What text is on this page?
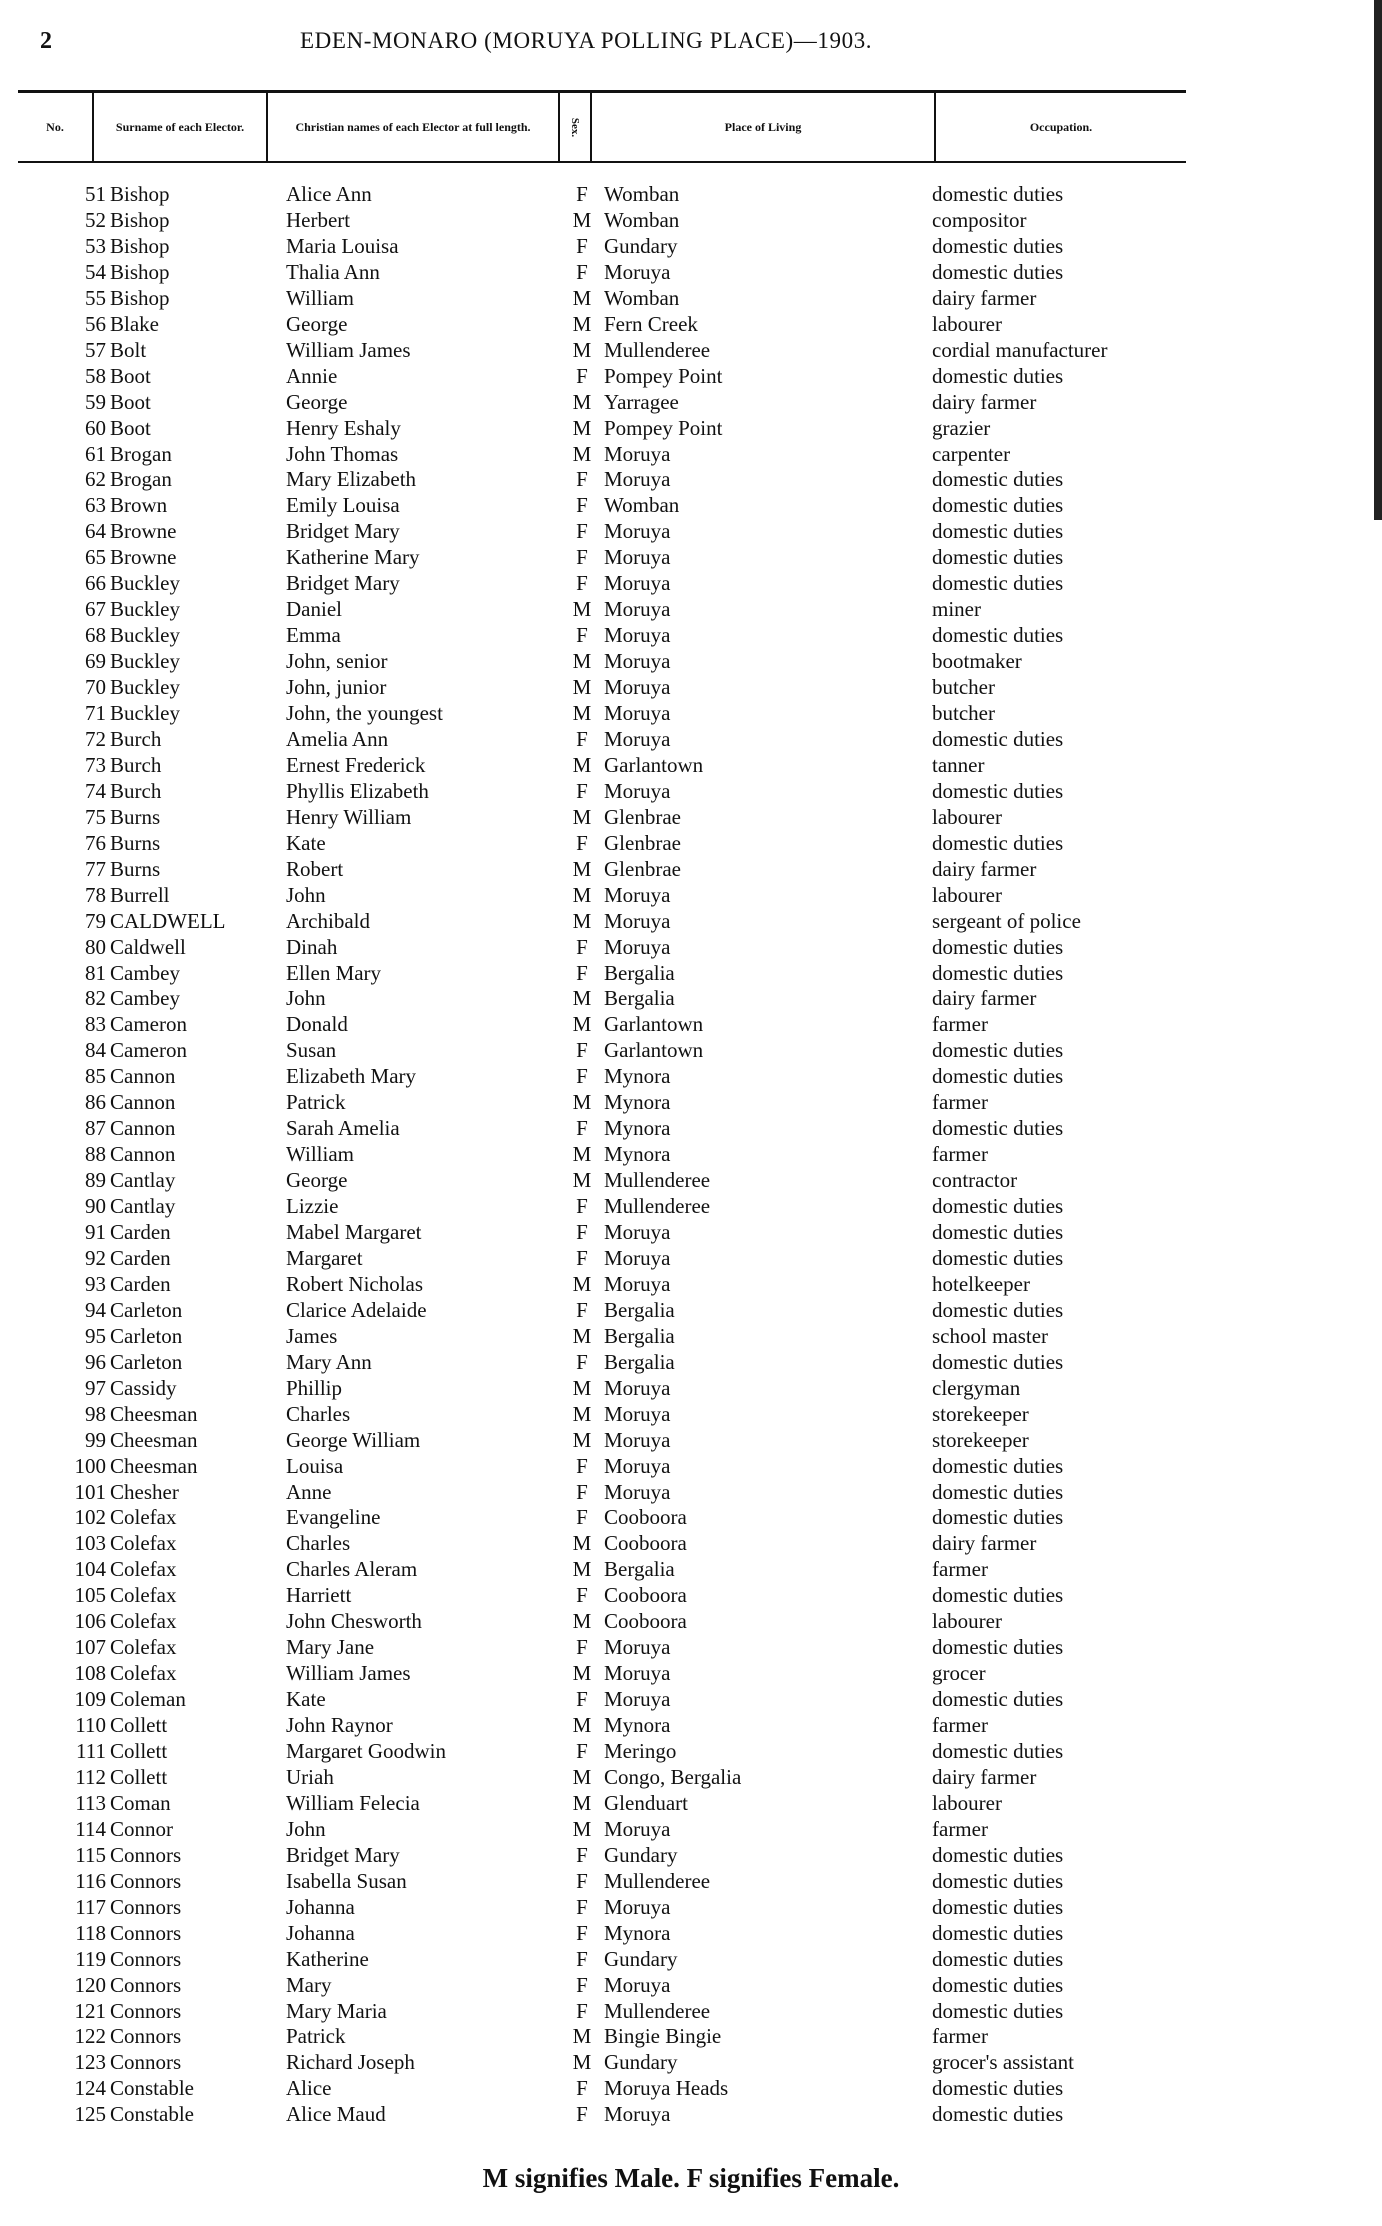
2	EDEN-MONARO (MORUYA POLLING PLACE)—1903.
No.	Surname of each Elector.	Christian names of each Elector at full length.	Sex.	Place of Living	Occupation.
51 Bishop	Alice Ann	F Womban	domestic duties
52 Bishop	Herbert	M Womban	compositor
53 Bishop	Maria Louisa	F Gundary	domestic duties
54 Bishop	Thalia Ann	F Moruya	domestic duties
55 Bishop	William	M Womban	dairy farmer
56 Blake	George	M Fern Creek	labourer
57 Bolt	William James	M Mullenderee	cordial manufacturer
58 Boot	Annie	F Pompey Point	domestic duties
59 Boot	George	M Yarragee	dairy farmer
60 Boot	Henry Eshaly	M Pompey Point	grazier
61 Brogan	John Thomas	M Moruya	carpenter
62 Brogan	Mary Elizabeth	F Moruya	domestic duties
63 Brown	Emily Louisa	F Womban	domestic duties
64 Browne	Bridget Mary	F Moruya	domestic duties
65 Browne	Katherine Mary	F Moruya	domestic duties
66 Buckley	Bridget Mary	F Moruya	domestic duties
67 Buckley	Daniel	M Moruya	miner
68 Buckley	Emma	F Moruya	domestic duties
69 Buckley	John, senior	M Moruya	bootmaker
70 Buckley	John, junior	M Moruya	butcher
71 Buckley	John, the youngest	M Moruya	butcher
72 Burch	Amelia Ann	F Moruya	domestic duties
73 Burch	Ernest Frederick	M Garlantown	tanner
74 Burch	Phyllis Elizabeth	F Moruya	domestic duties
75 Burns	Henry William	M Glenbrae	labourer
76 Burns	Kate	F Glenbrae	domestic duties
77 Burns	Robert	M Glenbrae	dairy farmer
78 Burrell	John	M Moruya	labourer
79 CALDWELL	Archibald	M Moruya	sergeant of police
80 Caldwell	Dinah	F Moruya	domestic duties
81 Cambey	Ellen Mary	F Bergalia	domestic duties
82 Cambey	John	M Bergalia	dairy farmer
83 Cameron	Donald	M Garlantown	farmer
84 Cameron	Susan	F Garlantown	domestic duties
85 Cannon	Elizabeth Mary	F Mynora	domestic duties
86 Cannon	Patrick	M Mynora	farmer
87 Cannon	Sarah Amelia	F Mynora	domestic duties
88 Cannon	William	M Mynora	farmer
89 Cantlay	George	M Mullenderee	contractor
90 Cantlay	Lizzie	F Mullenderee	domestic duties
91 Carden	Mabel Margaret	F Moruya	domestic duties
92 Carden	Margaret	F Moruya	domestic duties
93 Carden	Robert Nicholas	M Moruya	hotelkeeper
94 Carleton	Clarice Adelaide	F Bergalia	domestic duties
95 Carleton	James	M Bergalia	school master
96 Carleton	Mary Ann	F Bergalia	domestic duties
97 Cassidy	Phillip	M Moruya	clergyman
98 Cheesman	Charles	M Moruya	storekeeper
99 Cheesman	George William	M Moruya	storekeeper
100 Cheesman	Louisa	F Moruya	domestic duties
101 Chesher	Anne	F Moruya	domestic duties
102 Colefax	Evangeline	F Cooboora	domestic duties
103 Colefax	Charles	M Cooboora	dairy farmer
104 Colefax	Charles Aleram	M Bergalia	farmer
105 Colefax	Harriett	F Cooboora	domestic duties
106 Colefax	John Chesworth	M Cooboora	labourer
107 Colefax	Mary Jane	F Moruya	domestic duties
108 Colefax	William James	M Moruya	grocer
109 Coleman	Kate	F Moruya	domestic duties
110 Collett	John Raynor	M Mynora	farmer
111 Collett	Margaret Goodwin	F Meringo	domestic duties
112 Collett	Uriah	M Congo, Bergalia	dairy farmer
113 Coman	William Felecia	M Glenduart	labourer
114 Connor	John	M Moruya	farmer
115 Connors	Bridget Mary	F Gundary	domestic duties
116 Connors	Isabella Susan	F Mullenderee	domestic duties
117 Connors	Johanna	F Moruya	domestic duties
118 Connors	Johanna	F Mynora	domestic duties
119 Connors	Katherine	F Gundary	domestic duties
120 Connors	Mary	F Moruya	domestic duties
121 Connors	Mary Maria	F Mullenderee	domestic duties
122 Connors	Patrick	M Bingie Bingie	farmer
123 Connors	Richard Joseph	M Gundary	grocer's assistant
124 Constable	Alice	F Moruya Heads	domestic duties
125 Constable	Alice Maud	F Moruya	domestic duties
M signifies Male. F signifies Female.
